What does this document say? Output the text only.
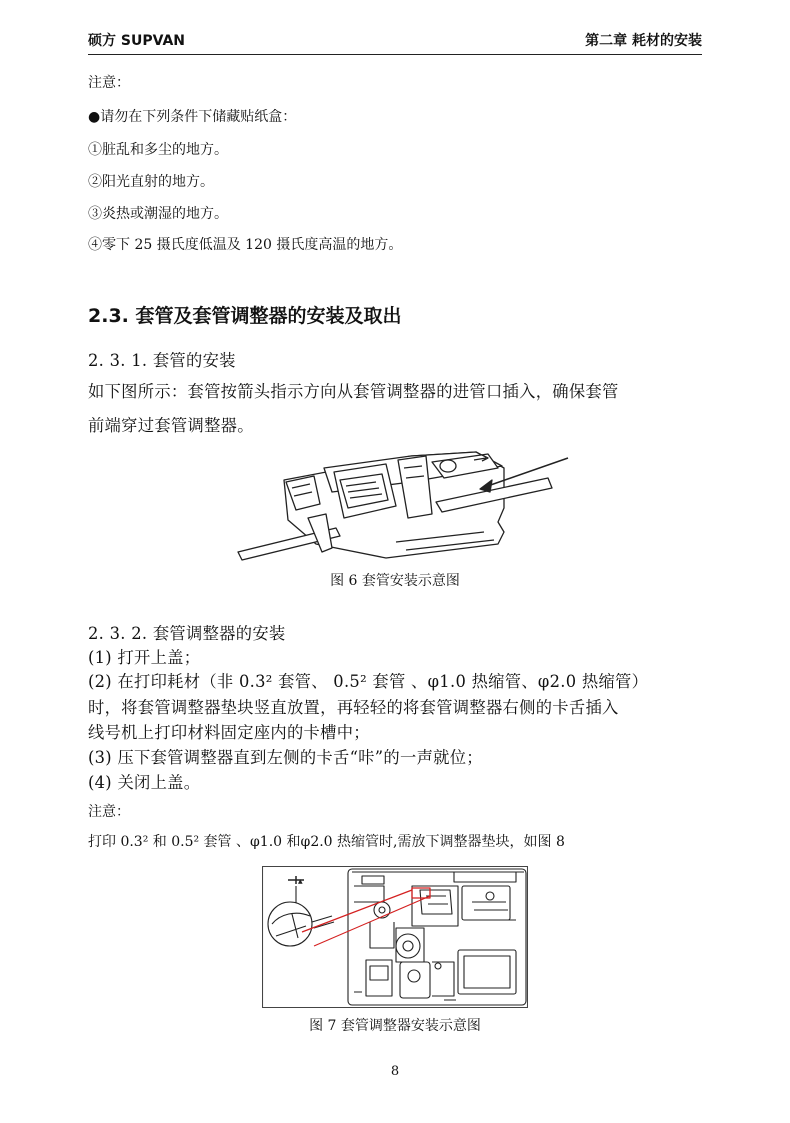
硕方 SUPVAN	第二章 耗材的安装
注意：
●请勿在下列条件下储藏贴纸盒：
①脏乱和多尘的地方。
②阳光直射的地方。
③炎热或潮湿的地方。
④零下 25 摄氏度低温及 120 摄氏度高温的地方。
2.3. 套管及套管调整器的安装及取出
2. 3. 1. 套管的安装
如下图所示：套管按箭头指示方向从套管调整器的进管口插入，确保套管
前端穿过套管调整器。
图 6 套管安装示意图
2. 3. 2. 套管调整器的安装
(1) 打开上盖；
(2) 在打印耗材（非 0.3² 套管、 0.5² 套管 、φ1.0 热缩管、φ2.0 热缩管）
时，将套管调整器垫块竖直放置，再轻轻的将套管调整器右侧的卡舌插入
线号机上打印材料固定座内的卡槽中；
(3) 压下套管调整器直到左侧的卡舌“咔”的一声就位；
(4) 关闭上盖。
注意：
打印 0.3² 和 0.5² 套管 、φ1.0 和φ2.0 热缩管时,需放下调整器垫块，如图 8
▲
图 7 套管调整器安装示意图
8
